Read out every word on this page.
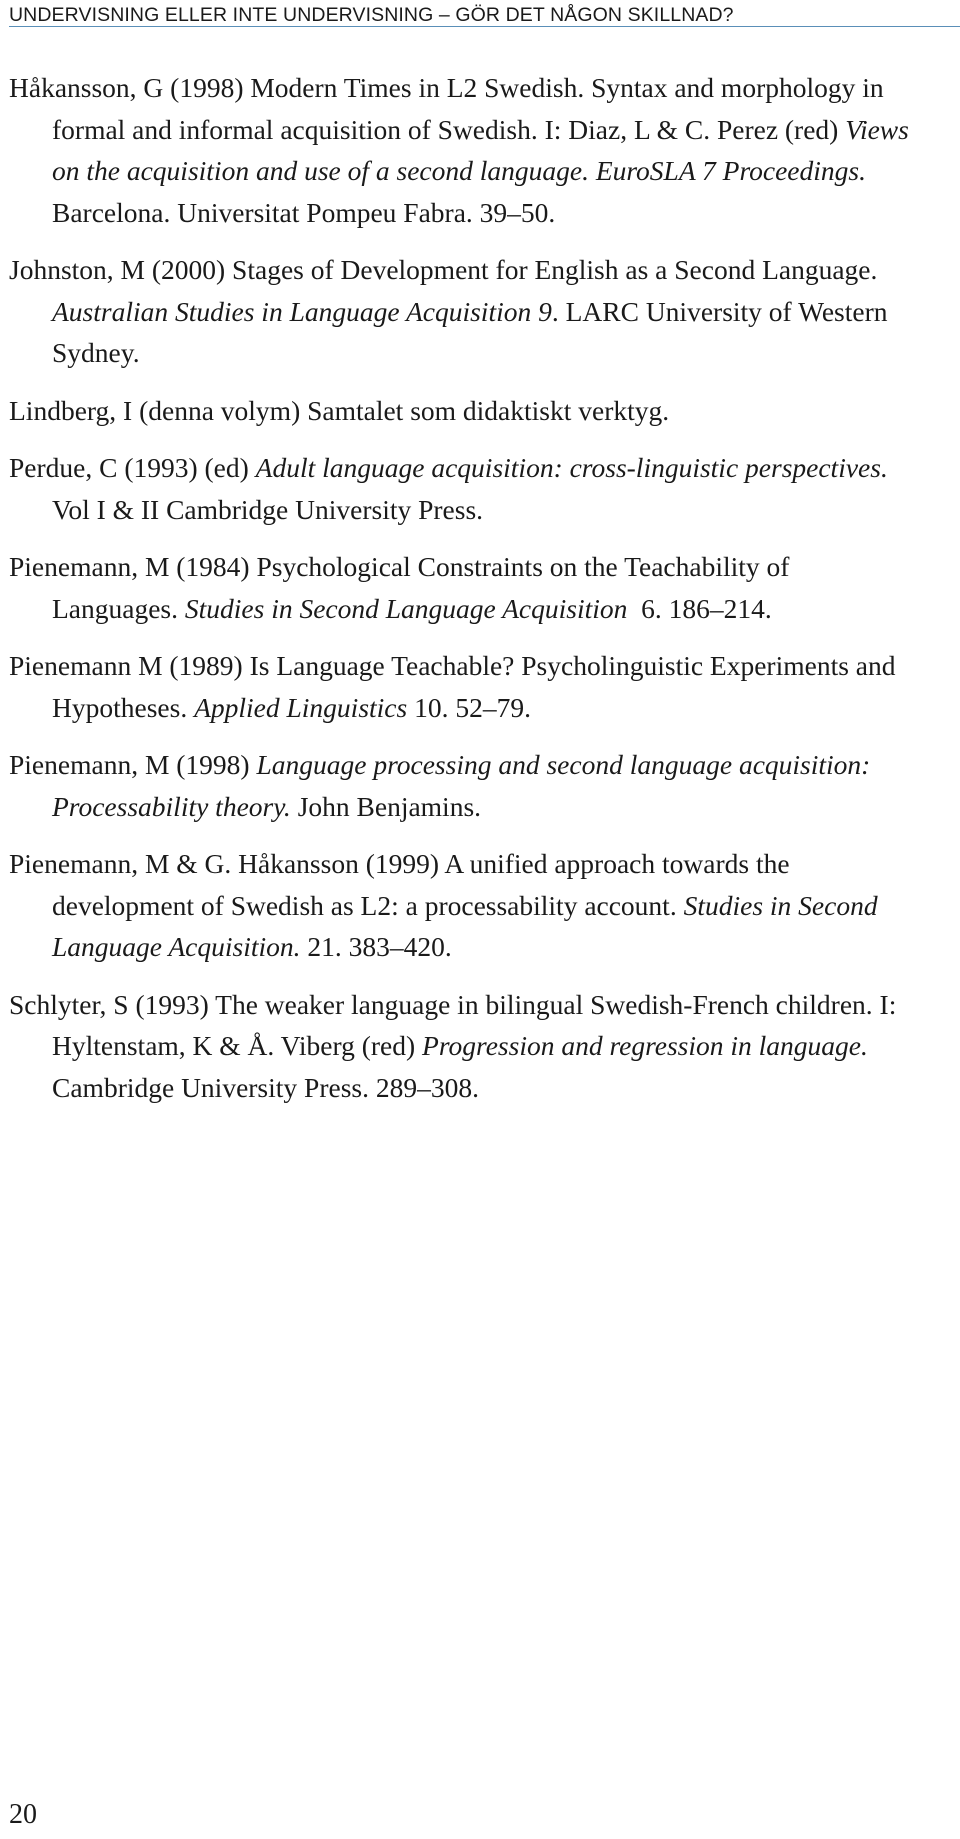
UNDERVISNING ELLER INTE UNDERVISNING – GÖR DET NÅGON SKILLNAD?
Håkansson, G (1998) Modern Times in L2 Swedish. Syntax and morphology in formal and informal acquisition of Swedish. I: Diaz, L & C. Perez (red) Views on the acquisition and use of a second language. EuroSLA 7 Proceedings. Barcelona. Universitat Pompeu Fabra. 39–50.
Johnston, M (2000) Stages of Development for English as a Second Language. Australian Studies in Language Acquisition 9. LARC University of Western Sydney.
Lindberg, I (denna volym) Samtalet som didaktiskt verktyg.
Perdue, C (1993) (ed) Adult language acquisition: cross-linguistic perspectives. Vol I & II Cambridge University Press.
Pienemann, M (1984) Psychological Constraints on the Teachability of Languages. Studies in Second Language Acquisition  6. 186–214.
Pienemann M (1989) Is Language Teachable? Psycholinguistic Experiments and Hypotheses. Applied Linguistics 10. 52–79.
Pienemann, M (1998) Language processing and second language acquisition: Processability theory. John Benjamins.
Pienemann, M & G. Håkansson (1999) A unified approach towards the development of Swedish as L2: a processability account. Studies in Second Language Acquisition. 21. 383–420.
Schlyter, S (1993) The weaker language in bilingual Swedish-French children. I: Hyltenstam, K & Å. Viberg (red) Progression and regression in language. Cambridge University Press. 289–308.
20
